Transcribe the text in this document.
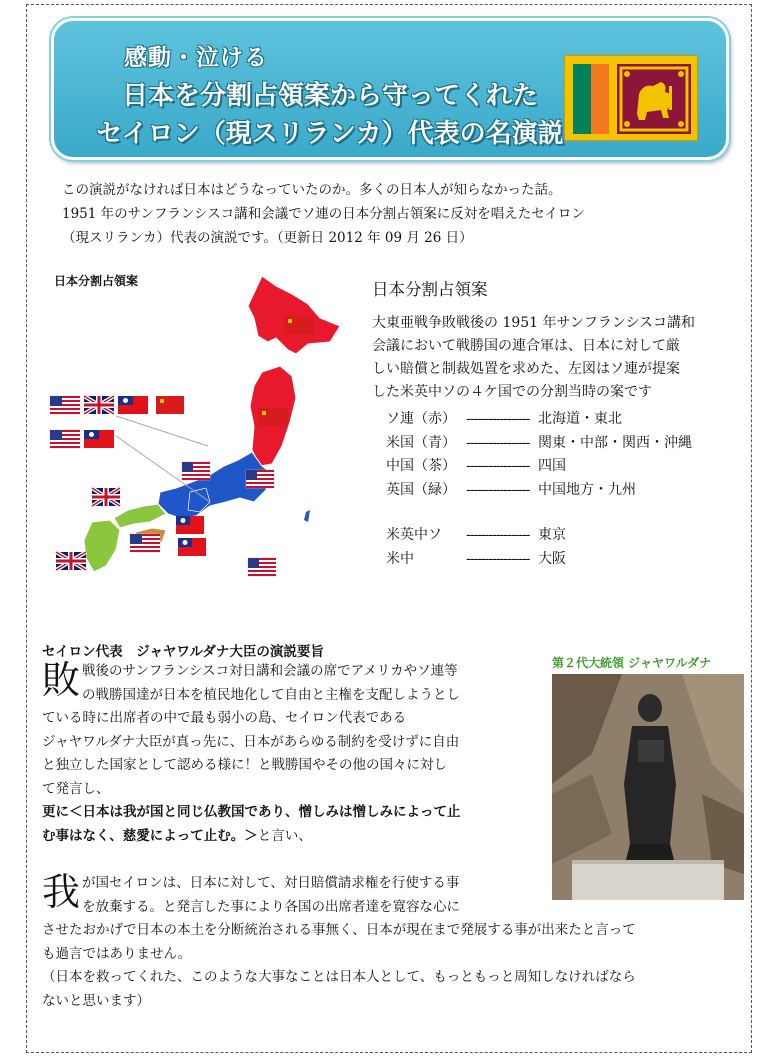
感動・泣ける
日本を分割占領案から守ってくれた
セイロン（現スリランカ）代表の名演説
この演説がなければ日本はどうなっていたのか。多くの日本人が知らなかった話。
1951 年のサンフランシスコ講和会議でソ連の日本分割占領案に反対を唱えたセイロン
（現スリランカ）代表の演説です。（更新日 2012 年 09 月 26 日）
日本分割占領案	日本分割占領案
大東亜戦争敗戦後の 1951 年サンフランシスコ講和
会議において戦勝国の連合軍は、日本に対して厳
しい賠償と制裁処置を求めた、左図はソ連が提案
した米英中ソの４ケ国での分割当時の案です
ソ連（赤） ----------------- 北海道・東北
米国（青） ----------------- 関東・中部・関西・沖縄
中国（茶） ----------------- 四国
英国（緑） ----------------- 中国地方・九州
米英中ソ	----------------- 東京
米中	----------------- 大阪
セイロン代表　ジャヤワルダナ大臣の演説要旨
敗 戦後のサンフランシスコ対日講和会議の席でアメリカやソ連等
の戦勝国達が日本を植民地化して自由と主権を支配しようとし
ている時に出席者の中で最も弱小の島、セイロン代表である
ジャヤワルダナ大臣が真っ先に、日本があらゆる制約を受けずに自由
と独立した国家として認める様に！と戦勝国やその他の国々に対し
て発言し、
更に＜日本は我が国と同じ仏教国であり、憎しみは憎しみによって止
む事はなく、慈愛によって止む。＞と言い、
我 が国セイロンは、日本に対して、対日賠償請求権を行使する事
を放棄する。と発言した事により各国の出席者達を寛容な心に
させたおかげで日本の本土を分断統治される事無く、日本が現在まで発展する事が出来たと言って
も過言ではありません。
（日本を救ってくれた、このような大事なことは日本人として、もっともっと周知しなければなら
ないと思います）
第２代大統領 ジャヤワルダナ
